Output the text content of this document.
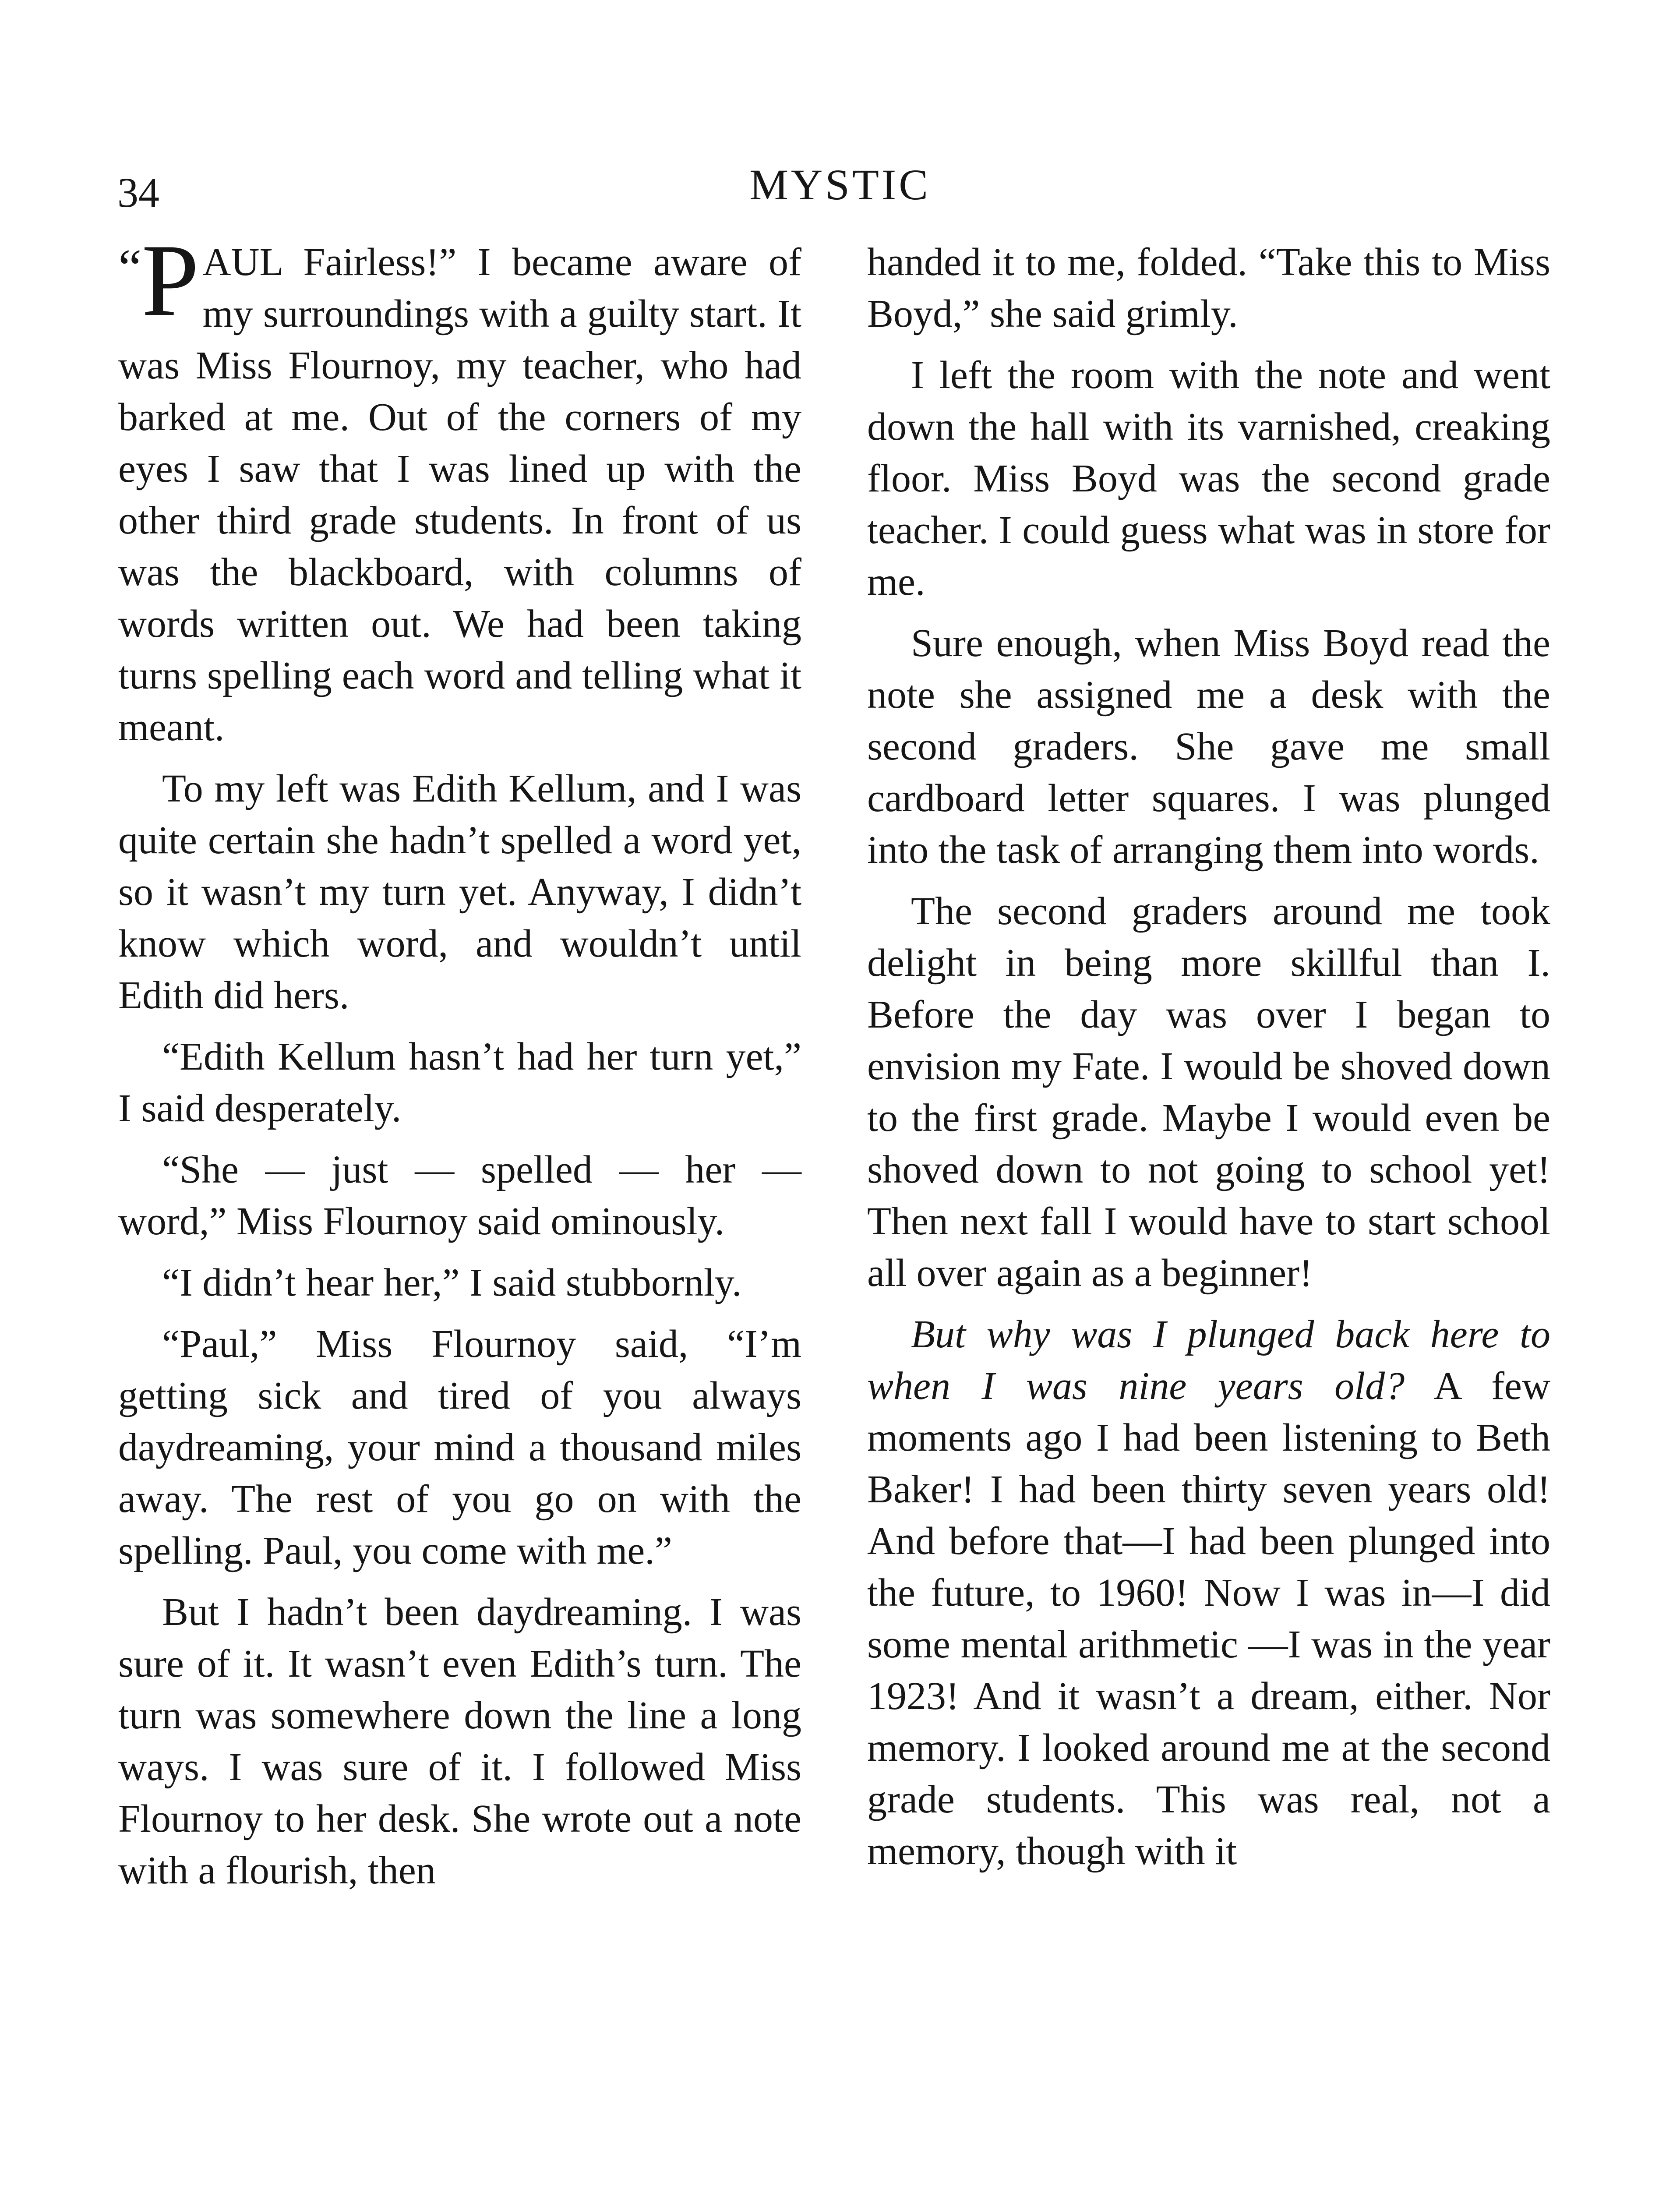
34	MYSTIC

“ P AUL Fairless!” I became aware of my surroundings with a guilty start. It was Miss Flournoy, my teacher, who had barked at me. Out of the corners of my eyes I saw that I was lined up with the other third grade students. In front of us was the blackboard, with columns of words written out. We had been taking turns spelling each word and telling what it meant.

To my left was Edith Kellum, and I was quite certain she hadn’t spelled a word yet, so it wasn’t my turn yet. Anyway, I didn’t know which word, and wouldn’t until Edith did hers.

“Edith Kellum hasn’t had her turn yet,” I said desperately.

“She — just — spelled — her — word,” Miss Flournoy said ominously.

“I didn’t hear her,” I said stubbornly.

“Paul,” Miss Flournoy said, “I’m getting sick and tired of you always daydreaming, your mind a thousand miles away. The rest of you go on with the spelling. Paul, you come with me.”

But I hadn’t been daydreaming. I was sure of it. It wasn’t even Edith’s turn. The turn was somewhere down the line a long ways. I was sure of it. I followed Miss Flournoy to her desk. She wrote out a note with a flourish, then

handed it to me, folded. “Take this to Miss Boyd,” she said grimly.

I left the room with the note and went down the hall with its varnished, creaking floor. Miss Boyd was the second grade teacher. I could guess what was in store for me.

Sure enough, when Miss Boyd read the note she assigned me a desk with the second graders. She gave me small cardboard letter squares. I was plunged into the task of arranging them into words.

The second graders around me took delight in being more skillful than I. Before the day was over I began to envision my Fate. I would be shoved down to the first grade. Maybe I would even be shoved down to not going to school yet! Then next fall I would have to start school all over again as a beginner!

But why was I plunged back here to when I was nine years old? A few moments ago I had been listening to Beth Baker! I had been thirty seven years old! And before that—I had been plunged into the future, to 1960! Now I was in—I did some mental arithmetic —I was in the year 1923! And it wasn’t a dream, either. Nor memory. I looked around me at the second grade students. This was real, not a memory, though with it
